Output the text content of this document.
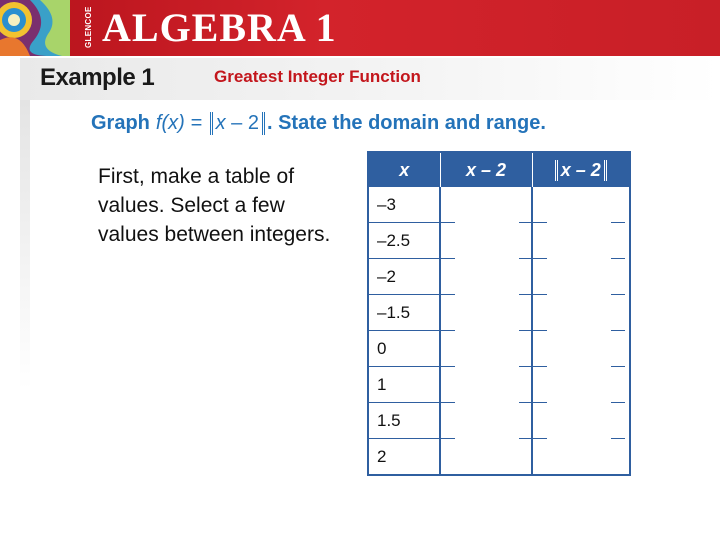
GLENCOE ALGEBRA 1
Example 1	Greatest Integer Function
Graph f(x) = x – 2 . State the domain and range.
First, make a table of values. Select a few values between integers.
x	x – 2	x – 2
–3		
–2.5		
–2		
–1.5		
0		
1		
1.5		
2		
